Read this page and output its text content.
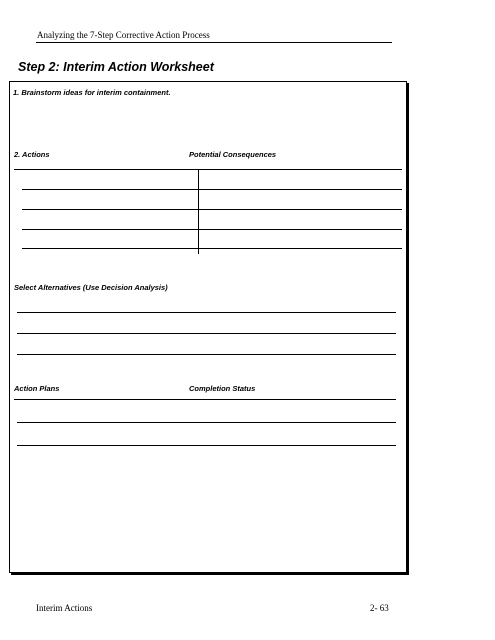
Analyzing the 7-Step Corrective Action Process
Step 2: Interim Action Worksheet
1. Brainstorm ideas for interim containment.
2. Actions	Potential Consequences
Select Alternatives (Use Decision Analysis)
Action Plans	Completion Status
Interim Actions	2- 63
